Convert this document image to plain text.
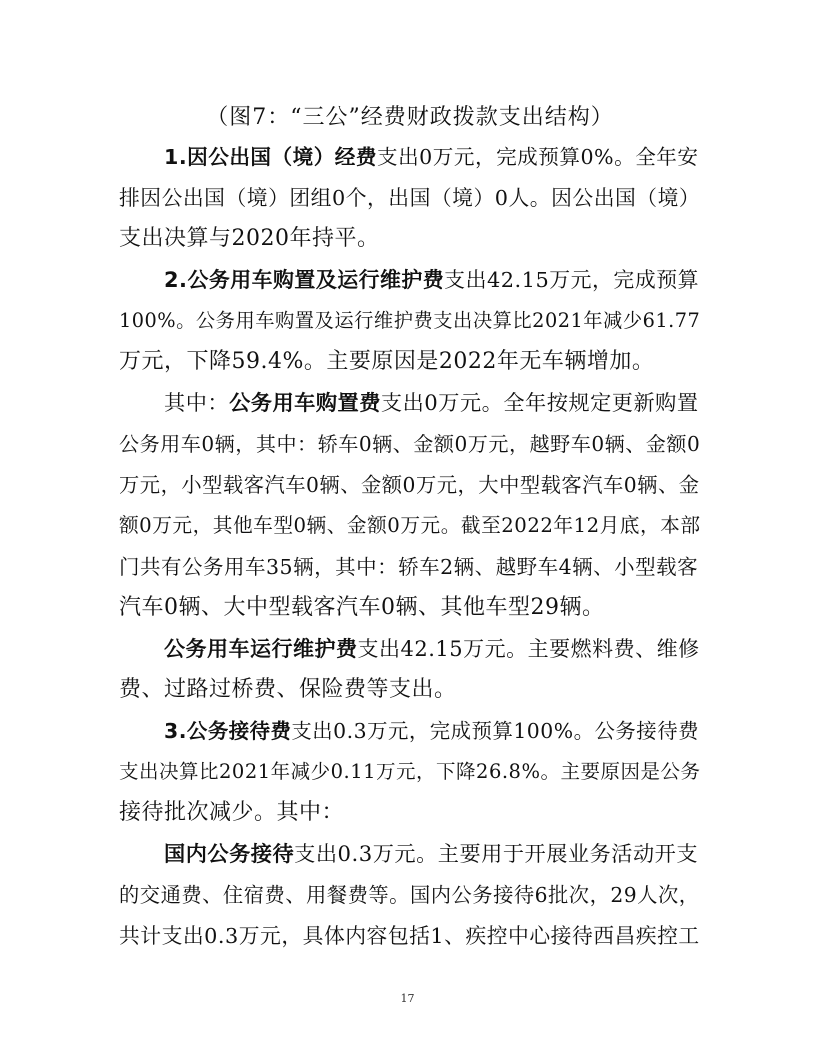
（图7：“三公”经费财政拨款支出结构）
1.因公出国（境）经费支出0万元，完成预算0%。全年安
排因公出国（境）团组0个，出国（境）0人。因公出国（境）
支出决算与2020年持平。
2.公务用车购置及运行维护费支出42.15万元，完成预算
100%。公务用车购置及运行维护费支出决算比2021年减少61.77
万元，下降59.4%。主要原因是2022年无车辆增加。
其中：公务用车购置费支出0万元。全年按规定更新购置
公务用车0辆，其中：轿车0辆、金额0万元，越野车0辆、金额0
万元，小型载客汽车0辆、金额0万元，大中型载客汽车0辆、金
额0万元，其他车型0辆、金额0万元。截至2022年12月底，本部
门共有公务用车35辆，其中：轿车2辆、越野车4辆、小型载客
汽车0辆、大中型载客汽车0辆、其他车型29辆。
公务用车运行维护费支出42.15万元。主要燃料费、维修
费、过路过桥费、保险费等支出。
3.公务接待费支出0.3万元，完成预算100%。公务接待费
支出决算比2021年减少0.11万元，下降26.8%。主要原因是公务
接待批次减少。其中：
国内公务接待支出0.3万元。主要用于开展业务活动开支
的交通费、住宿费、用餐费等。国内公务接待6批次，29人次，
共计支出0.3万元，具体内容包括1、疾控中心接待西昌疾控工
17
